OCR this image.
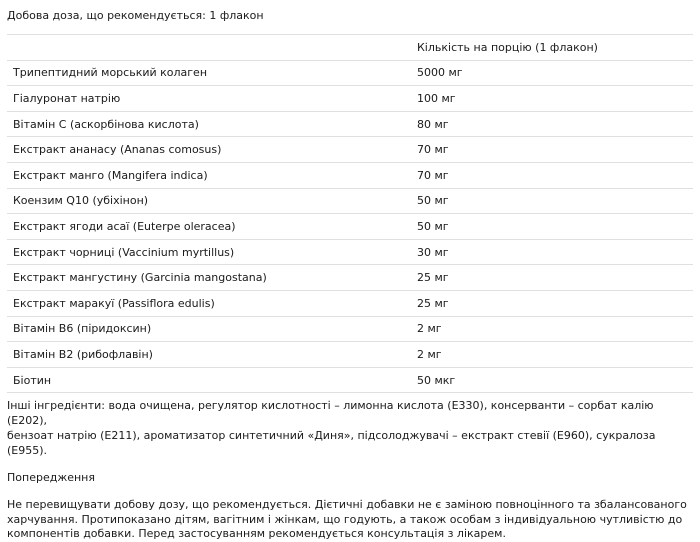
Добова доза, що рекомендується: 1 флакон
	Кількість на порцію (1 флакон)
Трипептидний морський колаген	5000 мг
Гіалуронат натрію	100 мг
Вітамін C (аскорбінова кислота)	80 мг
Екстракт ананасу (Ananas comosus)	70 мг
Екстракт манго (Mangifera indica)	70 мг
Коензим Q10 (убіхінон)	50 мг
Екстракт ягоди асаї (Euterpe oleracea)	50 мг
Екстракт чорниці (Vaccinium myrtillus)	30 мг
Екстракт мангустину (Garcinia mangostana)	25 мг
Екстракт маракуї (Passiflora edulis)	25 мг
Вітамін B6 (піридоксин)	2 мг
Вітамін B2 (рибофлавін)	2 мг
Біотин	50 мкг
Інші інгредієнти: вода очищена, регулятор кислотності – лимонна кислота (E330), консерванти – сорбат калію (E202),
бензоат натрію (E211), ароматизатор синтетичний «Диня», підсолоджувачі – екстракт стевії (E960), сукралоза (E955).
Попередження
Не перевищувати добову дозу, що рекомендується. Дієтичні добавки не є заміною повноцінного та збалансованого
харчування. Протипоказано дітям, вагітним і жінкам, що годують, а також особам з індивідуальною чутливістю до
компонентів добавки. Перед застосуванням рекомендується консультація з лікарем.
